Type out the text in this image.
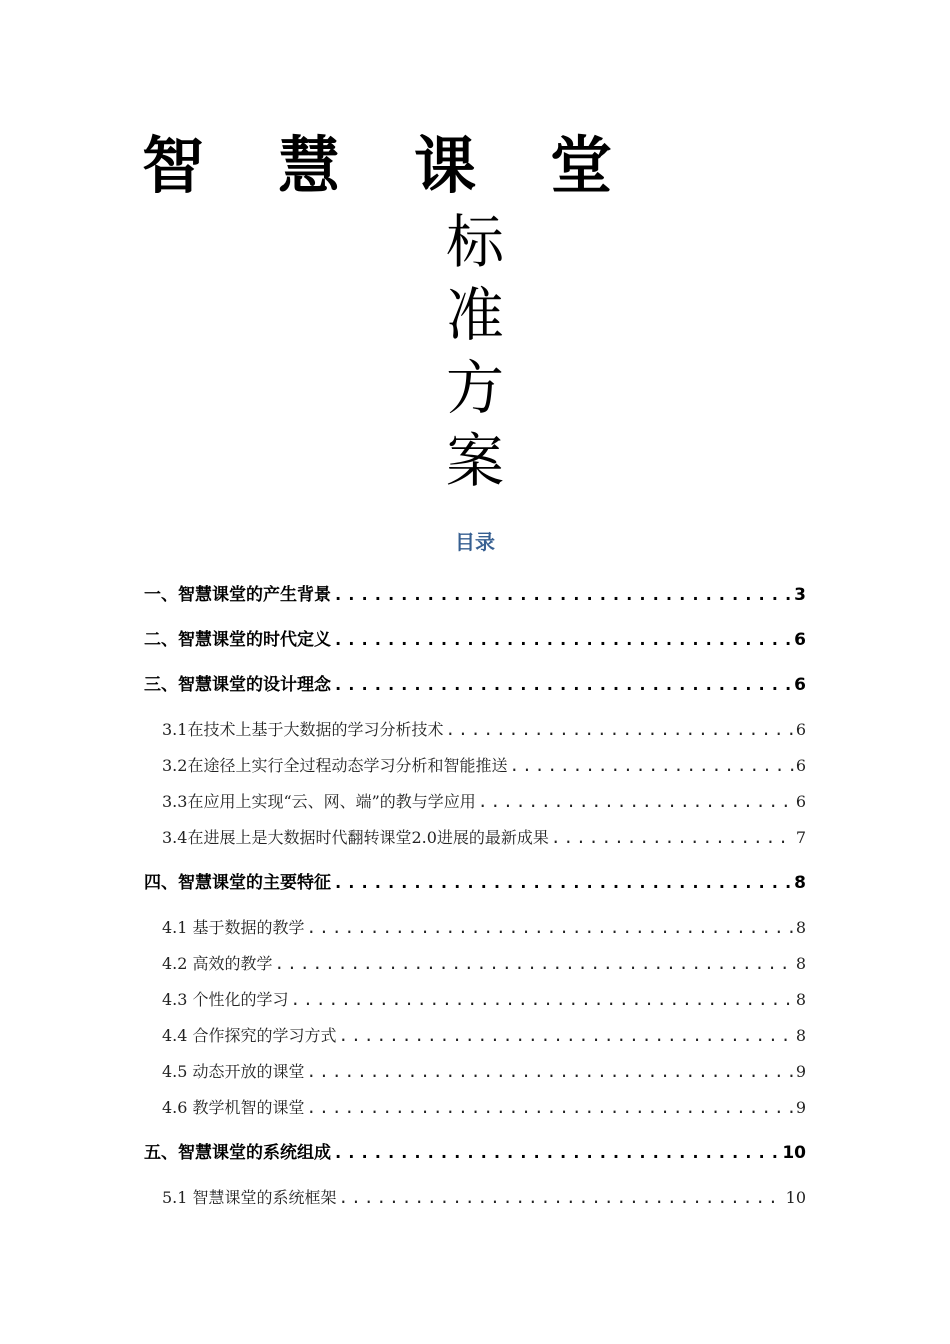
智 慧 课 堂
标
准
方
案
目录
一、智慧课堂的产生背景 .....	3
二、智慧课堂的时代定义 .....	6
三、智慧课堂的设计理念 .....	6
3.1在技术上基于大数据的学习分析技术 .....	6
3.2在途径上实行全过程动态学习分析和智能推送 .....	6
3.3在应用上实现“云、网、端”的教与学应用 .....	6
3.4在进展上是大数据时代翻转课堂2.0进展的最新成果 .....	7
四、智慧课堂的主要特征 .....	8
4.1 基于数据的教学 .....	8
4.2 高效的教学 .....	8
4.3 个性化的学习 .....	8
4.4 合作探究的学习方式 .....	8
4.5 动态开放的课堂 .....	9
4.6 教学机智的课堂 .....	9
五、智慧课堂的系统组成 .....	10
5.1 智慧课堂的系统框架 .....	10
